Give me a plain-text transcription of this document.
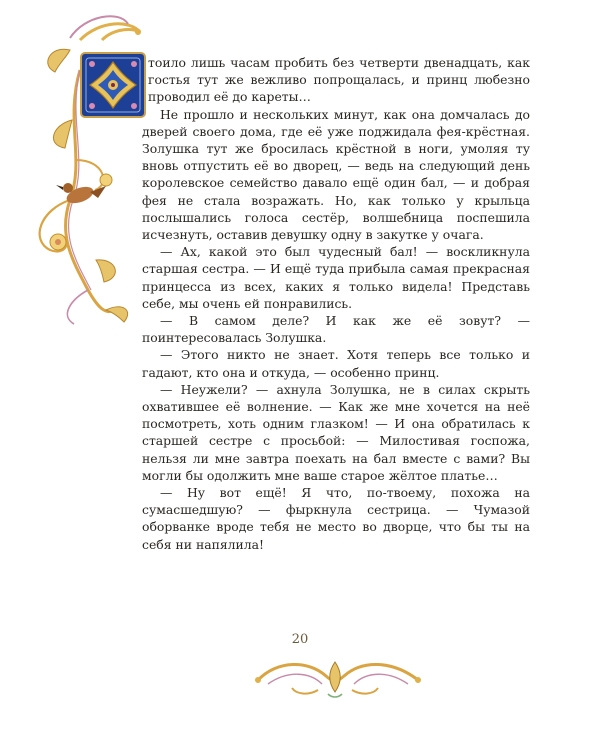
тоило лишь часам пробить без четверти двенадцать, как гостья тут же вежливо попрощалась, и принц любезно проводил её до кареты…

Не прошло и нескольких минут, как она домчалась до дверей своего дома, где её уже поджидала фея-крёстная. Золушка тут же бросилась крёстной в ноги, умоляя ту вновь отпустить её во дворец, — ведь на следующий день королевское семейство давало ещё один бал, — и добрая фея не стала возражать. Но, как только у крыльца послышались голоса сестёр, волшебница поспешила исчезнуть, оставив девушку одну в закутке у очага.

— Ах, какой это был чудесный бал! — воскликнула старшая сестра. — И ещё туда прибыла самая прекрасная принцесса из всех, каких я только видела! Представь себе, мы очень ей понравились.

— В самом деле? И как же её зовут? —поинтересовалась Золушка.

— Этого никто не знает. Хотя теперь все только и гадают, кто она и откуда, — особенно принц.

— Неужели? — ахнула Золушка, не в силах скрыть охватившее её волнение. — Как же мне хочется на неё посмотреть, хоть одним глазком! — И она обратилась к старшей сестре с просьбой: — Милостивая госпожа, нельзя ли мне завтра поехать на бал вместе с вами? Вы могли бы одолжить мне ваше старое жёлтое платье…

— Ну вот ещё! Я что, по-твоему, похожа на сумасшедшую? — фыркнула сестрица. — Чумазой оборванке вроде тебя не место во дворце, что бы ты на себя ни напялила!

20
